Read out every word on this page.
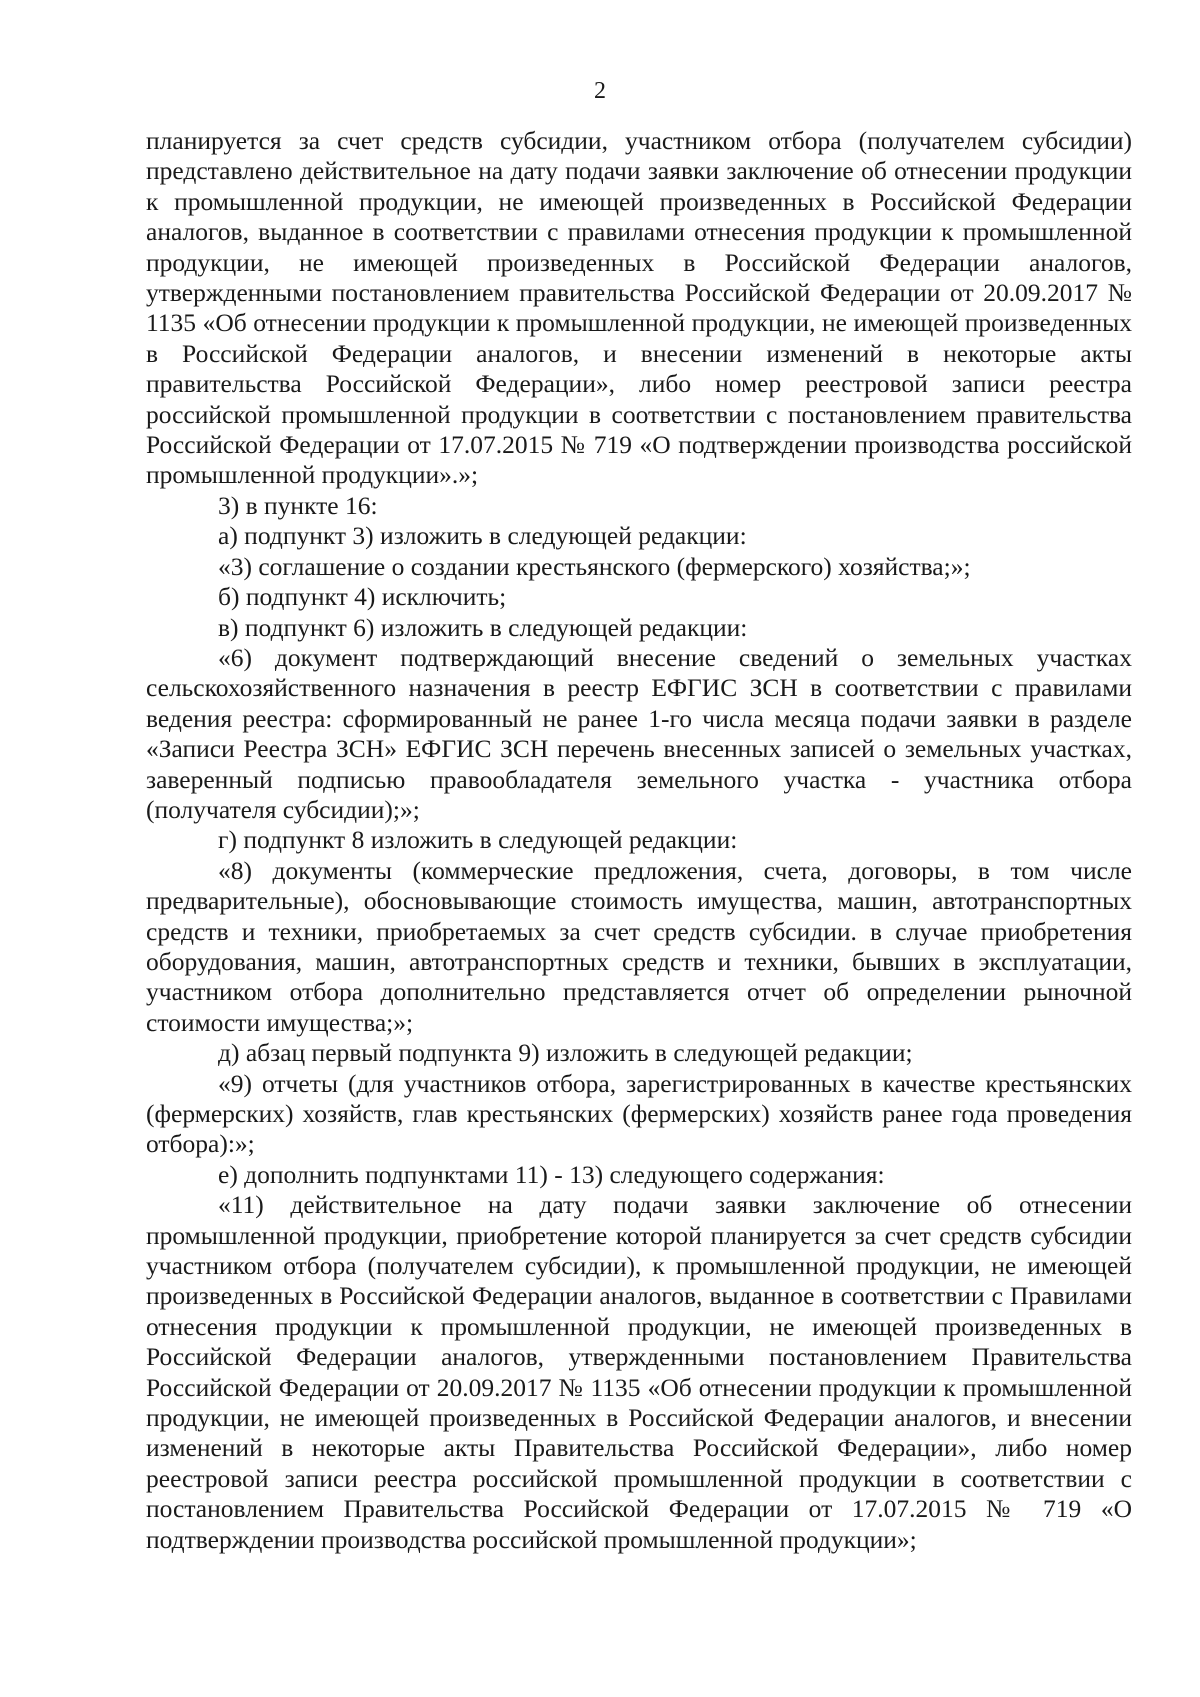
2

планируется за счет средств субсидии, участником отбора (получателем субсидии) представлено действительное на дату подачи заявки заключение об отнесении продукции к промышленной продукции, не имеющей произведенных в Российской Федерации аналогов, выданное в соответствии с правилами отнесения продукции к промышленной продукции, не имеющей произведенных в Российской Федерации аналогов, утвержденными постановлением правительства Российской Федерации от 20.09.2017 № 1135 «Об отнесении продукции к промышленной продукции, не имеющей произведенных в Российской Федерации аналогов, и внесении изменений в некоторые акты правительства Российской Федерации», либо номер реестровой записи реестра российской промышленной продукции в соответствии с постановлением правительства Российской Федерации от 17.07.2015 № 719 «О подтверждении производства российской промышленной продукции».»;

3) в пункте 16:

а) подпункт 3) изложить в следующей редакции:

«3) соглашение о создании крестьянского (фермерского) хозяйства;»;

б) подпункт 4) исключить;

в) подпункт 6) изложить в следующей редакции:

«6) документ подтверждающий внесение сведений о земельных участках сельскохозяйственного назначения в реестр ЕФГИС ЗСН в соответствии с правилами ведения реестра: сформированный не ранее 1-го числа месяца подачи заявки в разделе «Записи Реестра ЗСН» ЕФГИС ЗСН перечень внесенных записей о земельных участках, заверенный подписью правообладателя земельного участка - участника отбора (получателя субсидии);»;

г) подпункт 8 изложить в следующей редакции:

«8) документы (коммерческие предложения, счета, договоры, в том числе предварительные), обосновывающие стоимость имущества, машин, автотранспортных средств и техники, приобретаемых за счет средств субсидии. в случае приобретения оборудования, машин, автотранспортных средств и техники, бывших в эксплуатации, участником отбора дополнительно представляется отчет об определении рыночной стоимости имущества;»;

д) абзац первый подпункта 9) изложить в следующей редакции;

«9) отчеты (для участников отбора, зарегистрированных в качестве крестьянских (фермерских) хозяйств, глав крестьянских (фермерских) хозяйств ранее года проведения отбора):»;

е) дополнить подпунктами 11) - 13) следующего содержания:

«11) действительное на дату подачи заявки заключение об отнесении промышленной продукции, приобретение которой планируется за счет средств субсидии участником отбора (получателем субсидии), к промышленной продукции, не имеющей произведенных в Российской Федерации аналогов, выданное в соответствии с Правилами отнесения продукции к промышленной продукции, не имеющей произведенных в Российской Федерации аналогов, утвержденными постановлением Правительства Российской Федерации от 20.09.2017 № 1135 «Об отнесении продукции к промышленной продукции, не имеющей произведенных в Российской Федерации аналогов, и внесении изменений в некоторые акты Правительства Российской Федерации», либо номер реестровой записи реестра российской промышленной продукции в соответствии с постановлением Правительства Российской Федерации от 17.07.2015 № 719 «О подтверждении производства российской промышленной продукции»;
